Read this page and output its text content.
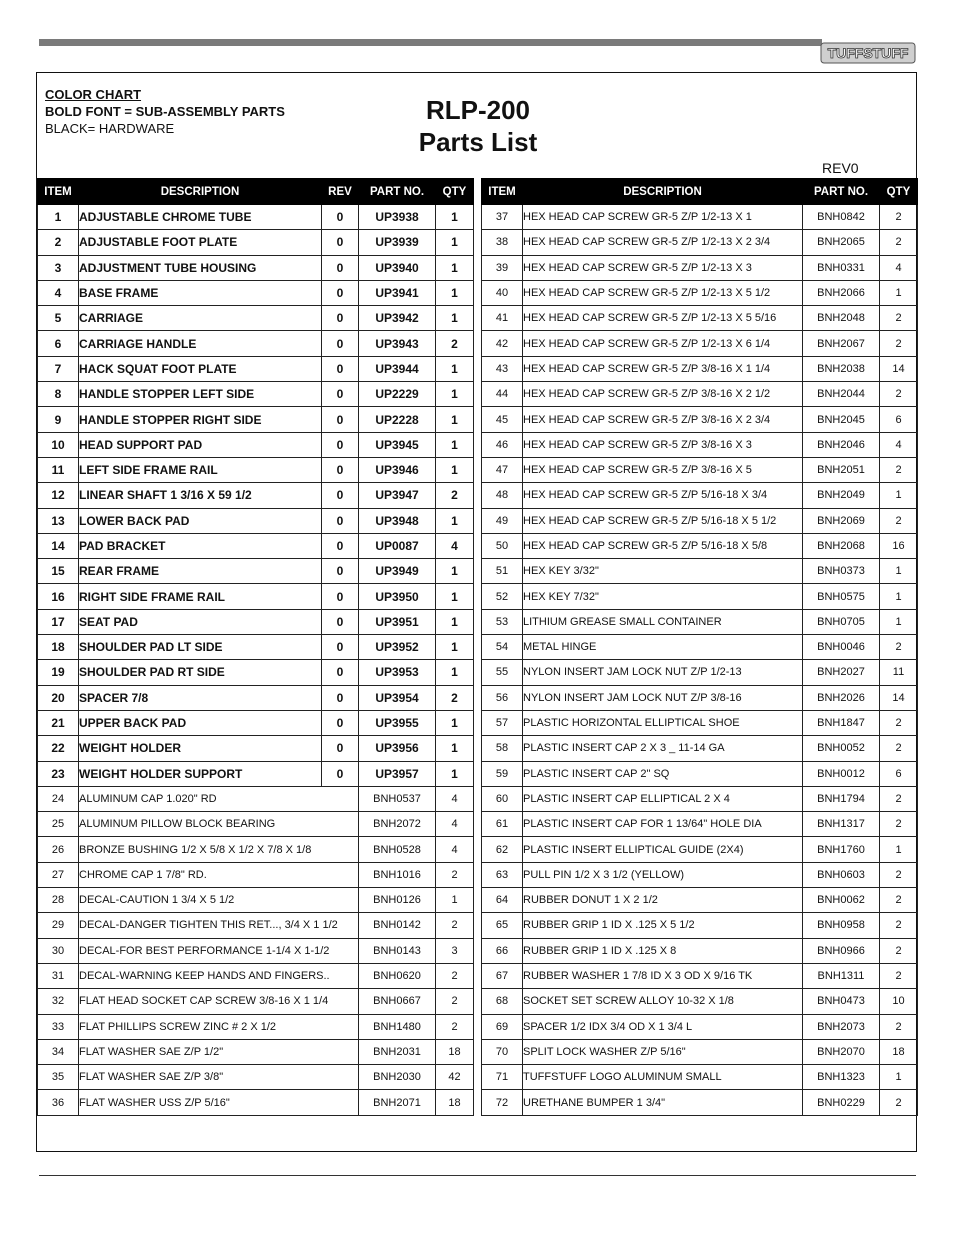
TUFFSTUFF
COLOR CHART
BOLD FONT = SUB-ASSEMBLY PARTS
BLACK= HARDWARE
RLP-200
Parts List
REV0
ITEM	DESCRIPTION	REV	PART NO.	QTY
1	ADJUSTABLE CHROME TUBE	0	UP3938	1
2	ADJUSTABLE FOOT PLATE	0	UP3939	1
3	ADJUSTMENT TUBE HOUSING	0	UP3940	1
4	BASE FRAME	0	UP3941	1
5	CARRIAGE	0	UP3942	1
6	CARRIAGE HANDLE	0	UP3943	2
7	HACK SQUAT FOOT PLATE	0	UP3944	1
8	HANDLE STOPPER LEFT SIDE	0	UP2229	1
9	HANDLE STOPPER RIGHT SIDE	0	UP2228	1
10	HEAD SUPPORT PAD	0	UP3945	1
11	LEFT SIDE FRAME RAIL	0	UP3946	1
12	LINEAR SHAFT 1 3/16 X 59 1/2	0	UP3947	2
13	LOWER BACK PAD	0	UP3948	1
14	PAD BRACKET	0	UP0087	4
15	REAR FRAME	0	UP3949	1
16	RIGHT SIDE FRAME RAIL	0	UP3950	1
17	SEAT PAD	0	UP3951	1
18	SHOULDER PAD LT SIDE	0	UP3952	1
19	SHOULDER PAD RT SIDE	0	UP3953	1
20	SPACER 7/8	0	UP3954	2
21	UPPER BACK PAD	0	UP3955	1
22	WEIGHT HOLDER	0	UP3956	1
23	WEIGHT HOLDER SUPPORT	0	UP3957	1
24	ALUMINUM CAP 1.020" RD		BNH0537	4
25	ALUMINUM PILLOW BLOCK BEARING		BNH2072	4
26	BRONZE BUSHING 1/2 X 5/8 X 1/2 X 7/8 X 1/8		BNH0528	4
27	CHROME CAP 1 7/8" RD.		BNH1016	2
28	DECAL-CAUTION 1 3/4 X 5 1/2		BNH0126	1
29	DECAL-DANGER TIGHTEN THIS RET..., 3/4 X 1 1/2		BNH0142	2
30	DECAL-FOR BEST PERFORMANCE 1-1/4 X 1-1/2		BNH0143	3
31	DECAL-WARNING KEEP HANDS AND FINGERS..		BNH0620	2
32	FLAT HEAD SOCKET CAP SCREW 3/8-16 X 1 1/4		BNH0667	2
33	FLAT PHILLIPS SCREW ZINC # 2 X 1/2		BNH1480	2
34	FLAT WASHER SAE Z/P 1/2"		BNH2031	18
35	FLAT WASHER SAE Z/P 3/8"		BNH2030	42
36	FLAT WASHER USS Z/P 5/16"		BNH2071	18
ITEM	DESCRIPTION	PART NO.	QTY
37	HEX HEAD CAP SCREW GR-5 Z/P 1/2-13 X 1	BNH0842	2
38	HEX HEAD CAP SCREW GR-5 Z/P 1/2-13 X 2 3/4	BNH2065	2
39	HEX HEAD CAP SCREW GR-5 Z/P 1/2-13 X 3	BNH0331	4
40	HEX HEAD CAP SCREW GR-5 Z/P 1/2-13 X 5 1/2	BNH2066	1
41	HEX HEAD CAP SCREW GR-5 Z/P 1/2-13 X 5 5/16	BNH2048	2
42	HEX HEAD CAP SCREW GR-5 Z/P 1/2-13 X 6 1/4	BNH2067	2
43	HEX HEAD CAP SCREW GR-5 Z/P 3/8-16 X 1 1/4	BNH2038	14
44	HEX HEAD CAP SCREW GR-5 Z/P 3/8-16 X 2 1/2	BNH2044	2
45	HEX HEAD CAP SCREW GR-5 Z/P 3/8-16 X 2 3/4	BNH2045	6
46	HEX HEAD CAP SCREW GR-5 Z/P 3/8-16 X 3	BNH2046	4
47	HEX HEAD CAP SCREW GR-5 Z/P 3/8-16 X 5	BNH2051	2
48	HEX HEAD CAP SCREW GR-5 Z/P 5/16-18 X 3/4	BNH2049	1
49	HEX HEAD CAP SCREW GR-5 Z/P 5/16-18 X 5 1/2	BNH2069	2
50	HEX HEAD CAP SCREW GR-5 Z/P 5/16-18 X 5/8	BNH2068	16
51	HEX KEY 3/32"	BNH0373	1
52	HEX KEY 7/32"	BNH0575	1
53	LITHIUM GREASE SMALL CONTAINER	BNH0705	1
54	METAL HINGE	BNH0046	2
55	NYLON INSERT JAM LOCK NUT Z/P 1/2-13	BNH2027	11
56	NYLON INSERT JAM LOCK NUT Z/P 3/8-16	BNH2026	14
57	PLASTIC HORIZONTAL ELLIPTICAL SHOE	BNH1847	2
58	PLASTIC INSERT CAP 2 X 3 _ 11-14 GA	BNH0052	2
59	PLASTIC INSERT CAP 2" SQ	BNH0012	6
60	PLASTIC INSERT CAP ELLIPTICAL 2 X 4	BNH1794	2
61	PLASTIC INSERT CAP FOR 1 13/64" HOLE DIA	BNH1317	2
62	PLASTIC INSERT ELLIPTICAL GUIDE (2X4)	BNH1760	1
63	PULL PIN 1/2 X 3 1/2 (YELLOW)	BNH0603	2
64	RUBBER DONUT 1 X 2 1/2	BNH0062	2
65	RUBBER GRIP 1 ID X .125 X 5 1/2	BNH0958	2
66	RUBBER GRIP 1 ID X .125 X 8	BNH0966	2
67	RUBBER WASHER 1 7/8 ID X 3 OD X 9/16 TK	BNH1311	2
68	SOCKET SET SCREW ALLOY 10-32 X 1/8	BNH0473	10
69	SPACER 1/2 IDX 3/4 OD X 1 3/4 L	BNH2073	2
70	SPLIT LOCK WASHER Z/P 5/16"	BNH2070	18
71	TUFFSTUFF LOGO ALUMINUM SMALL	BNH1323	1
72	URETHANE BUMPER 1 3/4"	BNH0229	2
